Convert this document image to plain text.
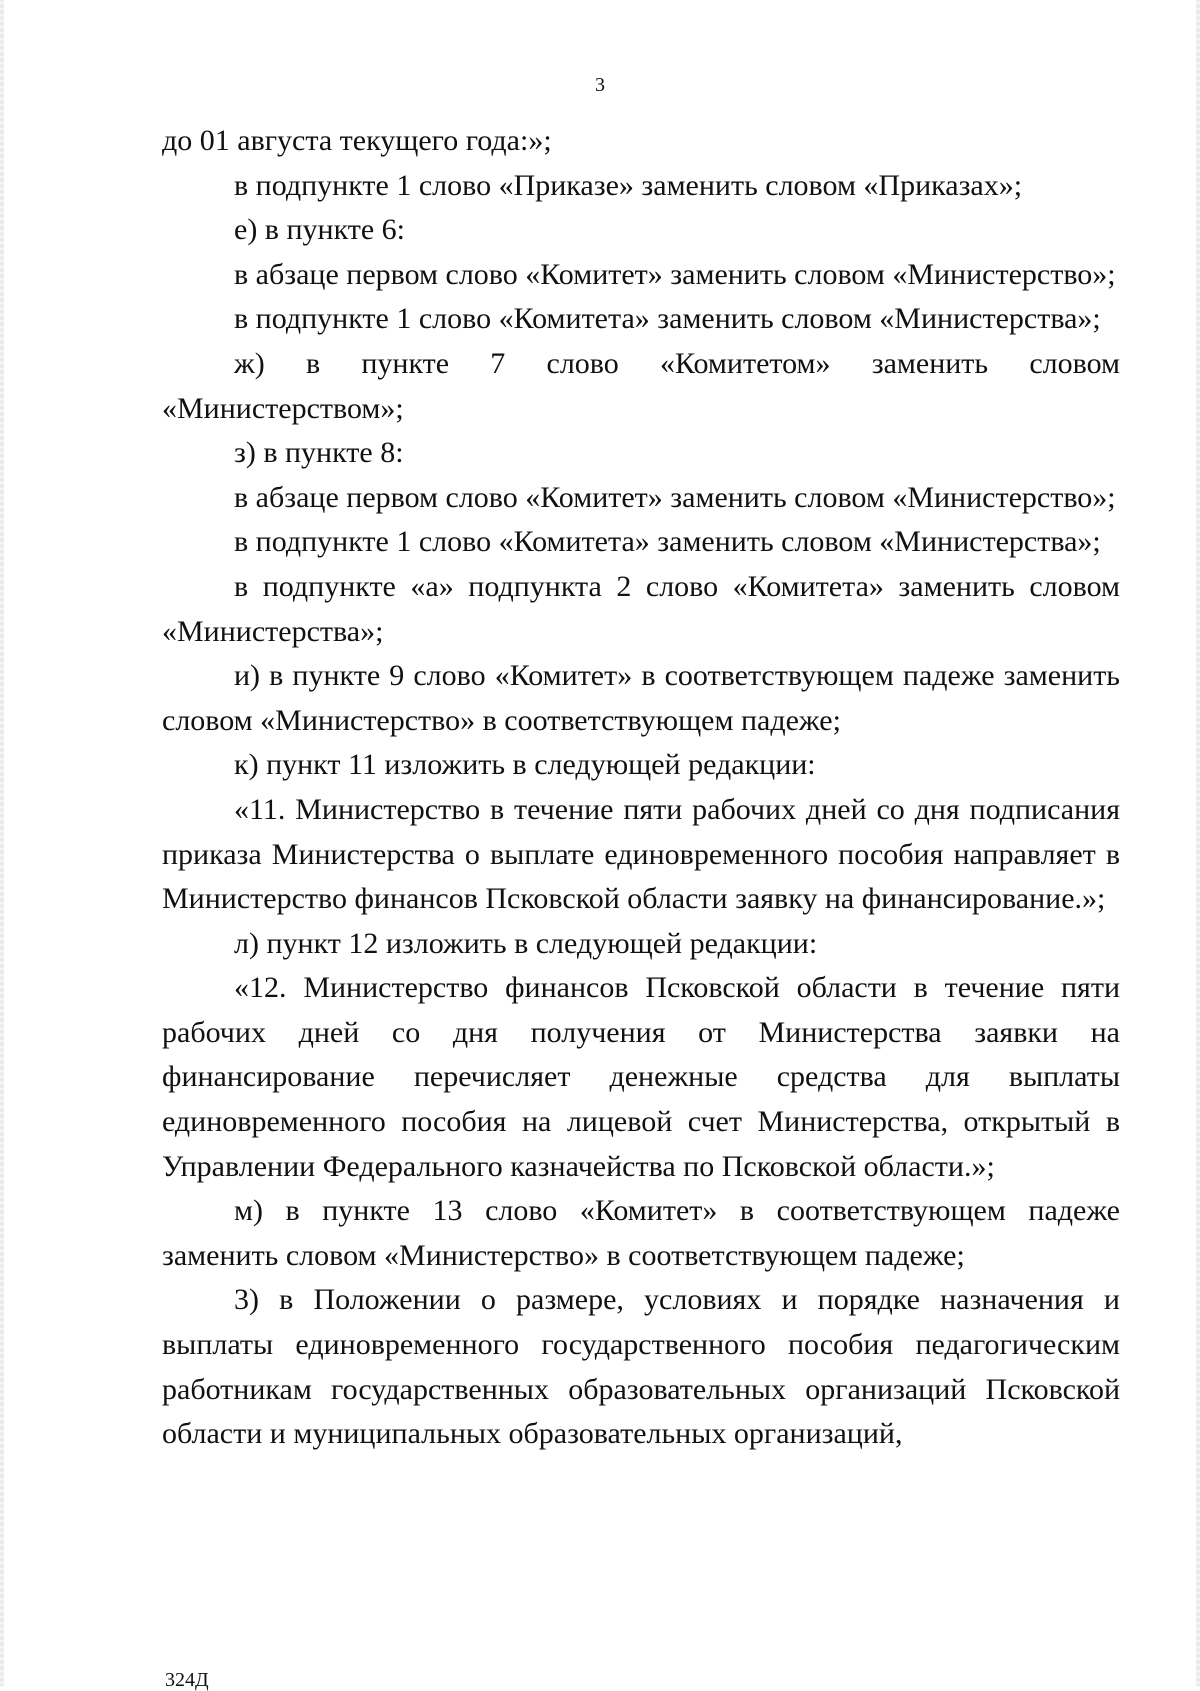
3

до 01 августа текущего года:»;

в подпункте 1 слово «Приказе» заменить словом «Приказах»;

е) в пункте 6:

в абзаце первом слово «Комитет» заменить словом «Министерство»;

в подпункте 1 слово «Комитета» заменить словом «Министерства»;

ж) в пункте 7 слово «Комитетом» заменить словом «Министерством»;

з) в пункте 8:

в абзаце первом слово «Комитет» заменить словом «Министерство»;

в подпункте 1 слово «Комитета» заменить словом «Министерства»;

в подпункте «а» подпункта 2 слово «Комитета» заменить словом «Министерства»;

и) в пункте 9 слово «Комитет» в соответствующем падеже заменить словом «Министерство» в соответствующем падеже;

к) пункт 11 изложить в следующей редакции:

«11. Министерство в течение пяти рабочих дней со дня подписания приказа Министерства о выплате единовременного пособия направляет в Министерство финансов Псковской области заявку на финансирование.»;

л) пункт 12 изложить в следующей редакции:

«12. Министерство финансов Псковской области в течение пяти рабочих дней со дня получения от Министерства заявки на финансирование перечисляет денежные средства для выплаты единовременного пособия на лицевой счет Министерства, открытый в Управлении Федерального казначейства по Псковской области.»;

м) в пункте 13 слово «Комитет» в соответствующем падеже заменить словом «Министерство» в соответствующем падеже;

3) в Положении о размере, условиях и порядке назначения и выплаты единовременного государственного пособия педагогическим работникам государственных образовательных организаций Псковской области и муниципальных образовательных организаций,

324Д
